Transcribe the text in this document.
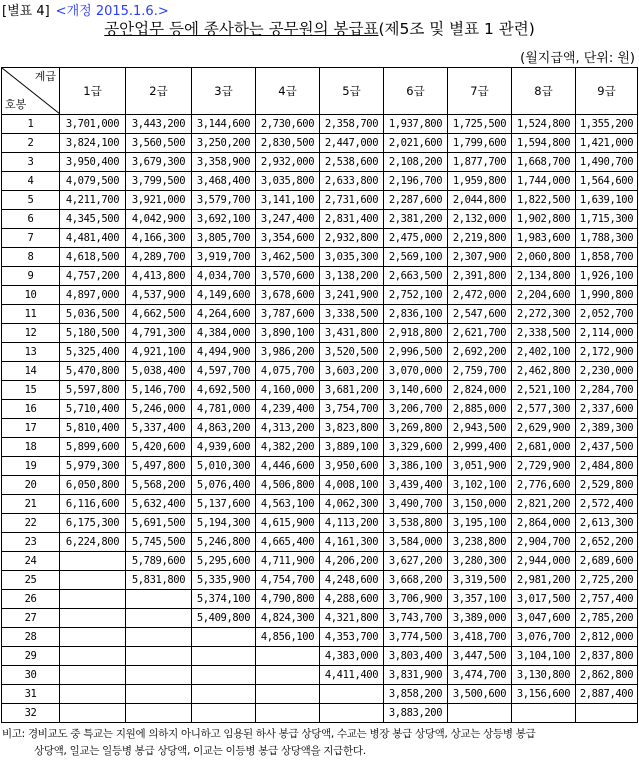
[별표 4] <개정 2015.1.6.>
공안업무 등에 종사하는 공무원의 봉급표(제5조 및 별표 1 관련)
(월지급액, 단위: 원)
계급
호봉	1급	2급	3급	4급	5급	6급	7급	8급	9급
1	3,701,000	3,443,200	3,144,600	2,730,600	2,358,700	1,937,800	1,725,500	1,524,800	1,355,200
2	3,824,100	3,560,500	3,250,200	2,830,500	2,447,000	2,021,600	1,799,600	1,594,800	1,421,000
3	3,950,400	3,679,300	3,358,900	2,932,000	2,538,600	2,108,200	1,877,700	1,668,700	1,490,700
4	4,079,500	3,799,500	3,468,400	3,035,800	2,633,800	2,196,700	1,959,800	1,744,000	1,564,600
5	4,211,700	3,921,000	3,579,700	3,141,100	2,731,600	2,287,600	2,044,800	1,822,500	1,639,100
6	4,345,500	4,042,900	3,692,100	3,247,400	2,831,400	2,381,200	2,132,000	1,902,800	1,715,300
7	4,481,400	4,166,300	3,805,700	3,354,600	2,932,800	2,475,000	2,219,800	1,983,600	1,788,300
8	4,618,500	4,289,700	3,919,700	3,462,500	3,035,300	2,569,100	2,307,900	2,060,800	1,858,700
9	4,757,200	4,413,800	4,034,700	3,570,600	3,138,200	2,663,500	2,391,800	2,134,800	1,926,100
10	4,897,000	4,537,900	4,149,600	3,678,600	3,241,900	2,752,100	2,472,000	2,204,600	1,990,800
11	5,036,500	4,662,500	4,264,600	3,787,600	3,338,500	2,836,100	2,547,600	2,272,300	2,052,700
12	5,180,500	4,791,300	4,384,000	3,890,100	3,431,800	2,918,800	2,621,700	2,338,500	2,114,000
13	5,325,400	4,921,100	4,494,900	3,986,200	3,520,500	2,996,500	2,692,200	2,402,100	2,172,900
14	5,470,800	5,038,400	4,597,700	4,075,700	3,603,200	3,070,000	2,759,700	2,462,800	2,230,000
15	5,597,800	5,146,700	4,692,500	4,160,000	3,681,200	3,140,600	2,824,000	2,521,100	2,284,700
16	5,710,400	5,246,000	4,781,000	4,239,400	3,754,700	3,206,700	2,885,000	2,577,300	2,337,600
17	5,810,400	5,337,400	4,863,200	4,313,200	3,823,800	3,269,800	2,943,500	2,629,900	2,389,300
18	5,899,600	5,420,600	4,939,600	4,382,200	3,889,100	3,329,600	2,999,400	2,681,000	2,437,500
19	5,979,300	5,497,800	5,010,300	4,446,600	3,950,600	3,386,100	3,051,900	2,729,900	2,484,800
20	6,050,800	5,568,200	5,076,400	4,506,800	4,008,100	3,439,400	3,102,100	2,776,600	2,529,800
21	6,116,600	5,632,400	5,137,600	4,563,100	4,062,300	3,490,700	3,150,000	2,821,200	2,572,400
22	6,175,300	5,691,500	5,194,300	4,615,900	4,113,200	3,538,800	3,195,100	2,864,000	2,613,300
23	6,224,800	5,745,500	5,246,800	4,665,400	4,161,300	3,584,000	3,238,800	2,904,700	2,652,200
24		5,789,600	5,295,600	4,711,900	4,206,200	3,627,200	3,280,300	2,944,000	2,689,600
25		5,831,800	5,335,900	4,754,700	4,248,600	3,668,200	3,319,500	2,981,200	2,725,200
26			5,374,100	4,790,800	4,288,600	3,706,900	3,357,100	3,017,500	2,757,400
27			5,409,800	4,824,300	4,321,800	3,743,700	3,389,000	3,047,600	2,785,200
28				4,856,100	4,353,700	3,774,500	3,418,700	3,076,700	2,812,000
29					4,383,000	3,803,400	3,447,500	3,104,100	2,837,800
30					4,411,400	3,831,900	3,474,700	3,130,800	2,862,800
31						3,858,200	3,500,600	3,156,600	2,887,400
32						3,883,200			
비고: 경비교도 중 특교는 지원에 의하지 아니하고 임용된 하사 봉급 상당액, 수교는 병장 봉급 상당액, 상교는 상등병 봉급
상당액, 일교는 일등병 봉급 상당액, 이교는 이등병 봉급 상당액을 지급한다.
